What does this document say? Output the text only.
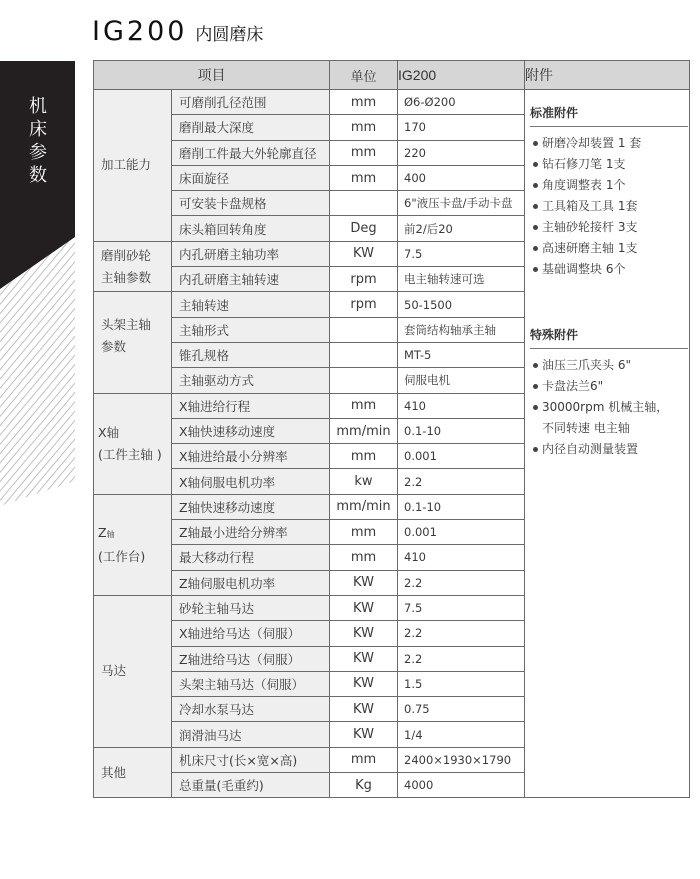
IG200 内圆磨床
机
床
参
数
项目		单位	IG200	附件
加工能力	可磨削孔径范围	mm	Ø6-Ø200	
标准附件
研磨冷却装置 1 套
钻石修刀笔 1支
角度调整表 1个
工具箱及工具 1套
主轴砂轮接杆 3支
高速研磨主轴 1支
基础调整块 6个
特殊附件
油压三爪夹头 6"
卡盘法兰6"
30000rpm 机械主轴，
不同转速 电主轴
内径自动测量装置

	磨削最大深度	mm	170	
	磨削工件最大外轮廓直径	mm	220	
	床面旋径	mm	400	
	可安装卡盘规格		6"液压卡盘/手动卡盘	
	床头箱回转角度	Deg	前2/后20	

磨削砂轮
主轴参数	内孔研磨主轴功率	KW	7.5	
	内孔研磨主轴转速	rpm	电主轴转速可选	

头架主轴
参数	主轴转速	rpm	50-1500	
	主轴形式		套筒结构轴承主轴	
	锥孔规格		MT-5	
	主轴驱动方式		伺服电机	

X轴
(工件主轴 )	X轴进给行程	mm	410	
	X轴快速移动速度	mm/min	0.1-10	
	X轴进给最小分辨率	mm	0.001	
	X轴伺服电机功率	kw	2.2	

Z轴
(工作台)	Z轴快速移动速度	mm/min	0.1-10	
	Z轴最小进给分辨率	mm	0.001	
	最大移动行程	mm	410	
	Z轴伺服电机功率	KW	2.2	
马达	砂轮主轴马达	KW	7.5	
	X轴进给马达（伺服）	KW	2.2	
	Z轴进给马达（伺服）	KW	2.2	
	头架主轴马达（伺服）	KW	1.5	
	冷却水泵马达	KW	0.75	
	润滑油马达	KW	1/4	
其他	机床尺寸(长×宽×高)	mm	2400×1930×1790	
	总重量(毛重约)	Kg	4000	
